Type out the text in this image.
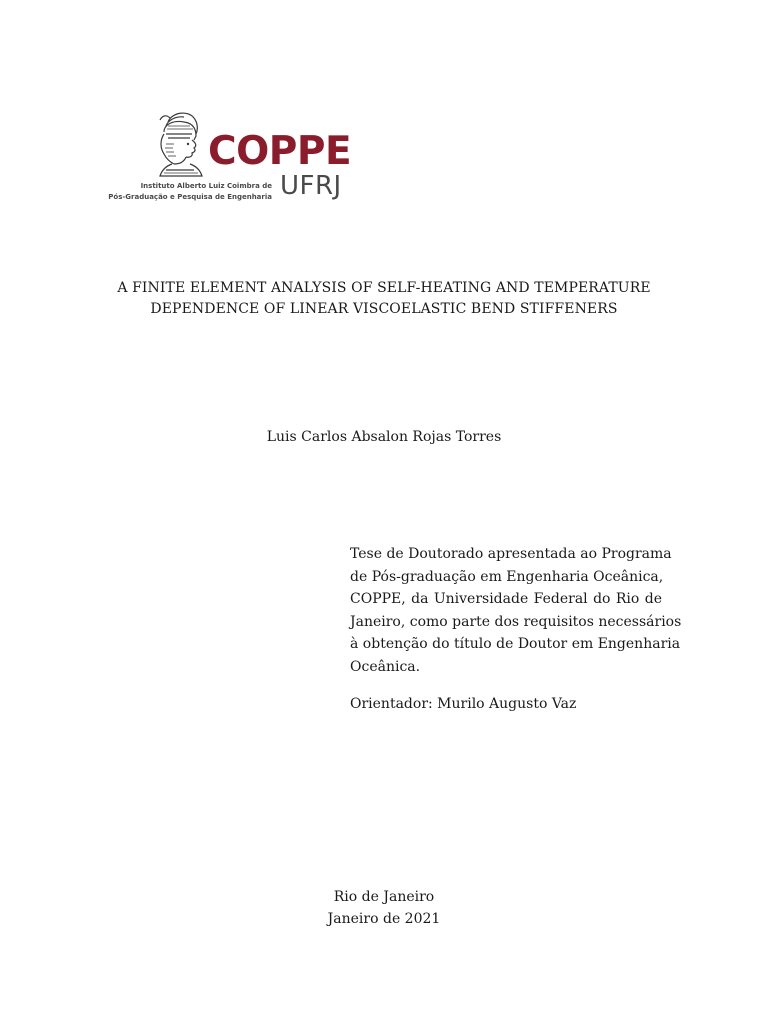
COPPE
UFRJ
Instituto Alberto Luiz Coimbra de
Pós-Graduação e Pesquisa de Engenharia
A FINITE ELEMENT ANALYSIS OF SELF-HEATING AND TEMPERATURE
DEPENDENCE OF LINEAR VISCOELASTIC BEND STIFFENERS
Luis Carlos Absalon Rojas Torres
Tese de Doutorado apresentada ao Programa
de Pós-graduação em Engenharia Oceânica,
COPPE, da Universidade Federal do Rio de
Janeiro, como parte dos requisitos necessários
à obtenção do título de Doutor em Engenharia
Oceânica.
Orientador: Murilo Augusto Vaz
Rio de Janeiro
Janeiro de 2021
